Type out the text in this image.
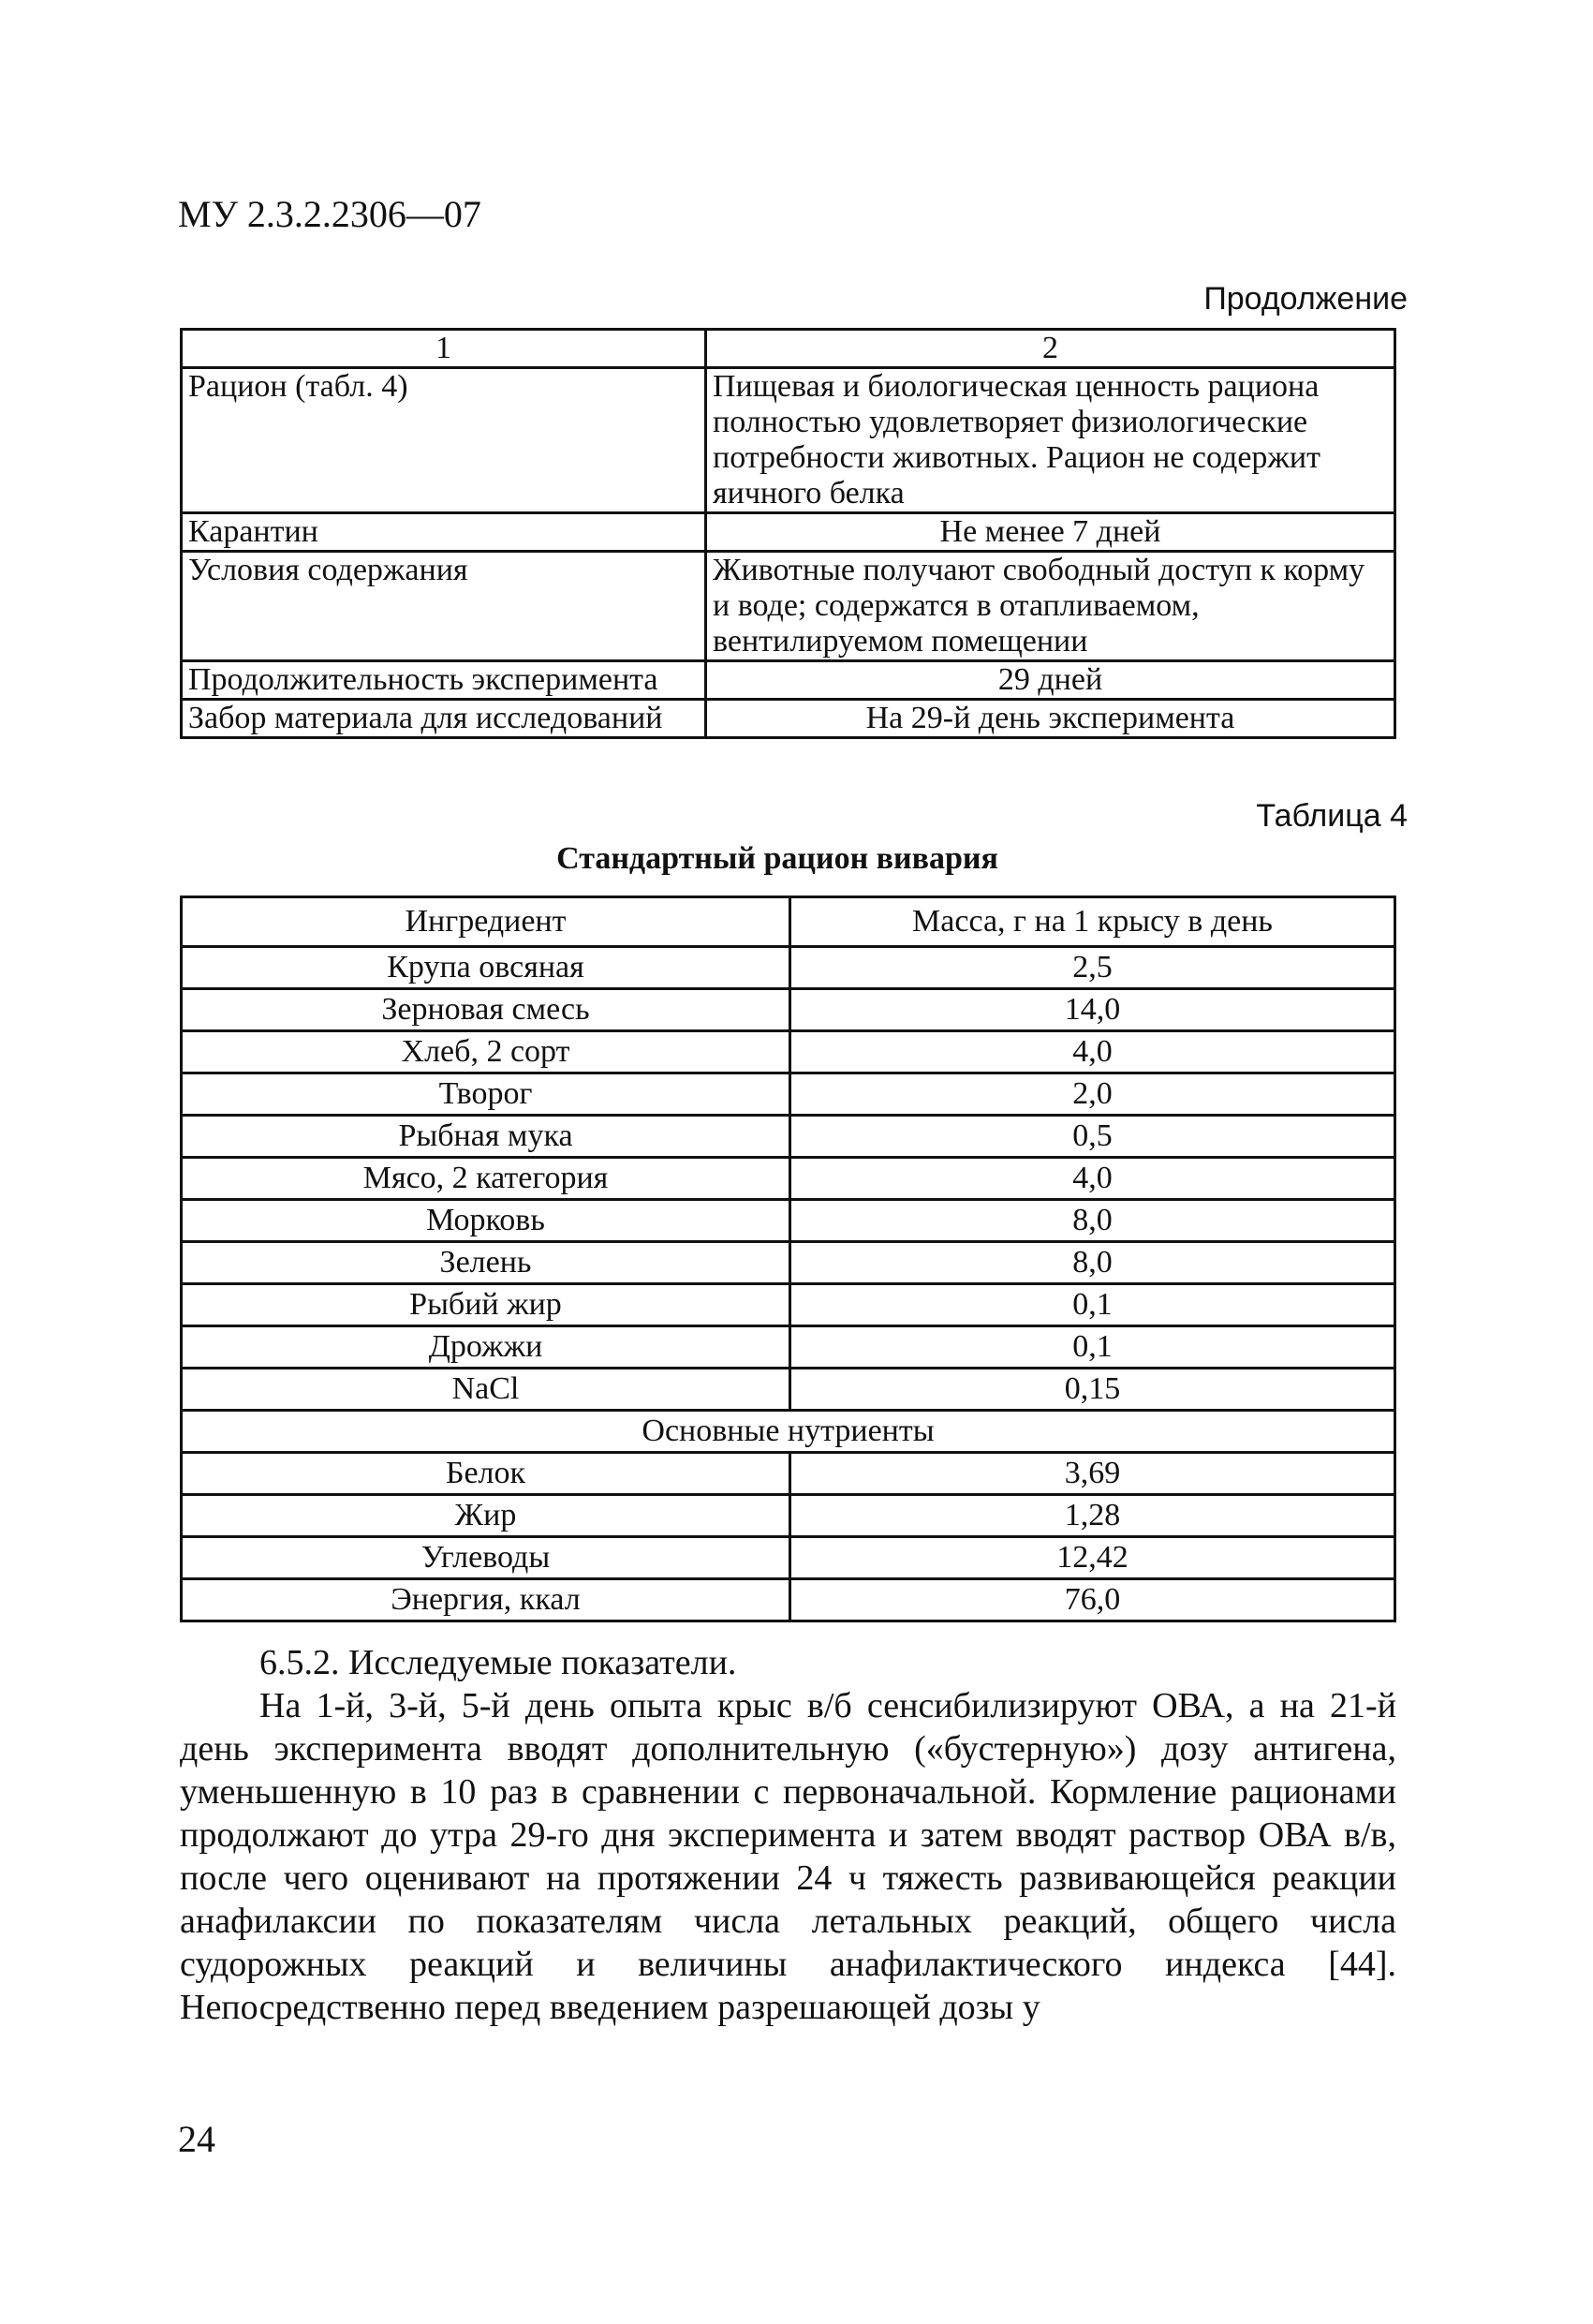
МУ 2.3.2.2306—07
Продолжение
1	2
Рацион (табл. 4)	Пищевая и биологическая ценность рациона полностью удовлетворяет физиологические потребности животных. Рацион не содержит яичного белка
Карантин	Не менее 7 дней
Условия содержания	Животные получают свободный доступ к корму и воде; содержатся в отапливаемом, вентилируемом помещении
Продолжительность эксперимента	29 дней
Забор материала для исследований	На 29-й день эксперимента
Таблица 4
Стандартный рацион вивария
Ингредиент	Масса, г на 1 крысу в день
Крупа овсяная	2,5
Зерновая смесь	14,0
Хлеб, 2 сорт	4,0
Творог	2,0
Рыбная мука	0,5
Мясо, 2 категория	4,0
Морковь	8,0
Зелень	8,0
Рыбий жир	0,1
Дрожжи	0,1
NaCl	0,15
Основные нутриенты	
Белок	3,69
Жир	1,28
Углеводы	12,42
Энергия, ккал	76,0

6.5.2. Исследуемые показатели.

На 1-й, 3-й, 5-й день опыта крыс в/б сенсибилизируют ОВА, а на 21-й день эксперимента вводят дополнительную («бустерную») дозу антигена, уменьшенную в 10 раз в сравнении с первоначальной. Кормление рационами продолжают до утра 29-го дня эксперимента и затем вводят раствор ОВА в/в, после чего оценивают на протяжении 24 ч тяжесть развивающейся реакции анафилаксии по показателям числа летальных реакций, общего числа судорожных реакций и величины анафилактического индекса [44]. Непосредственно перед введением разрешающей дозы у

24
